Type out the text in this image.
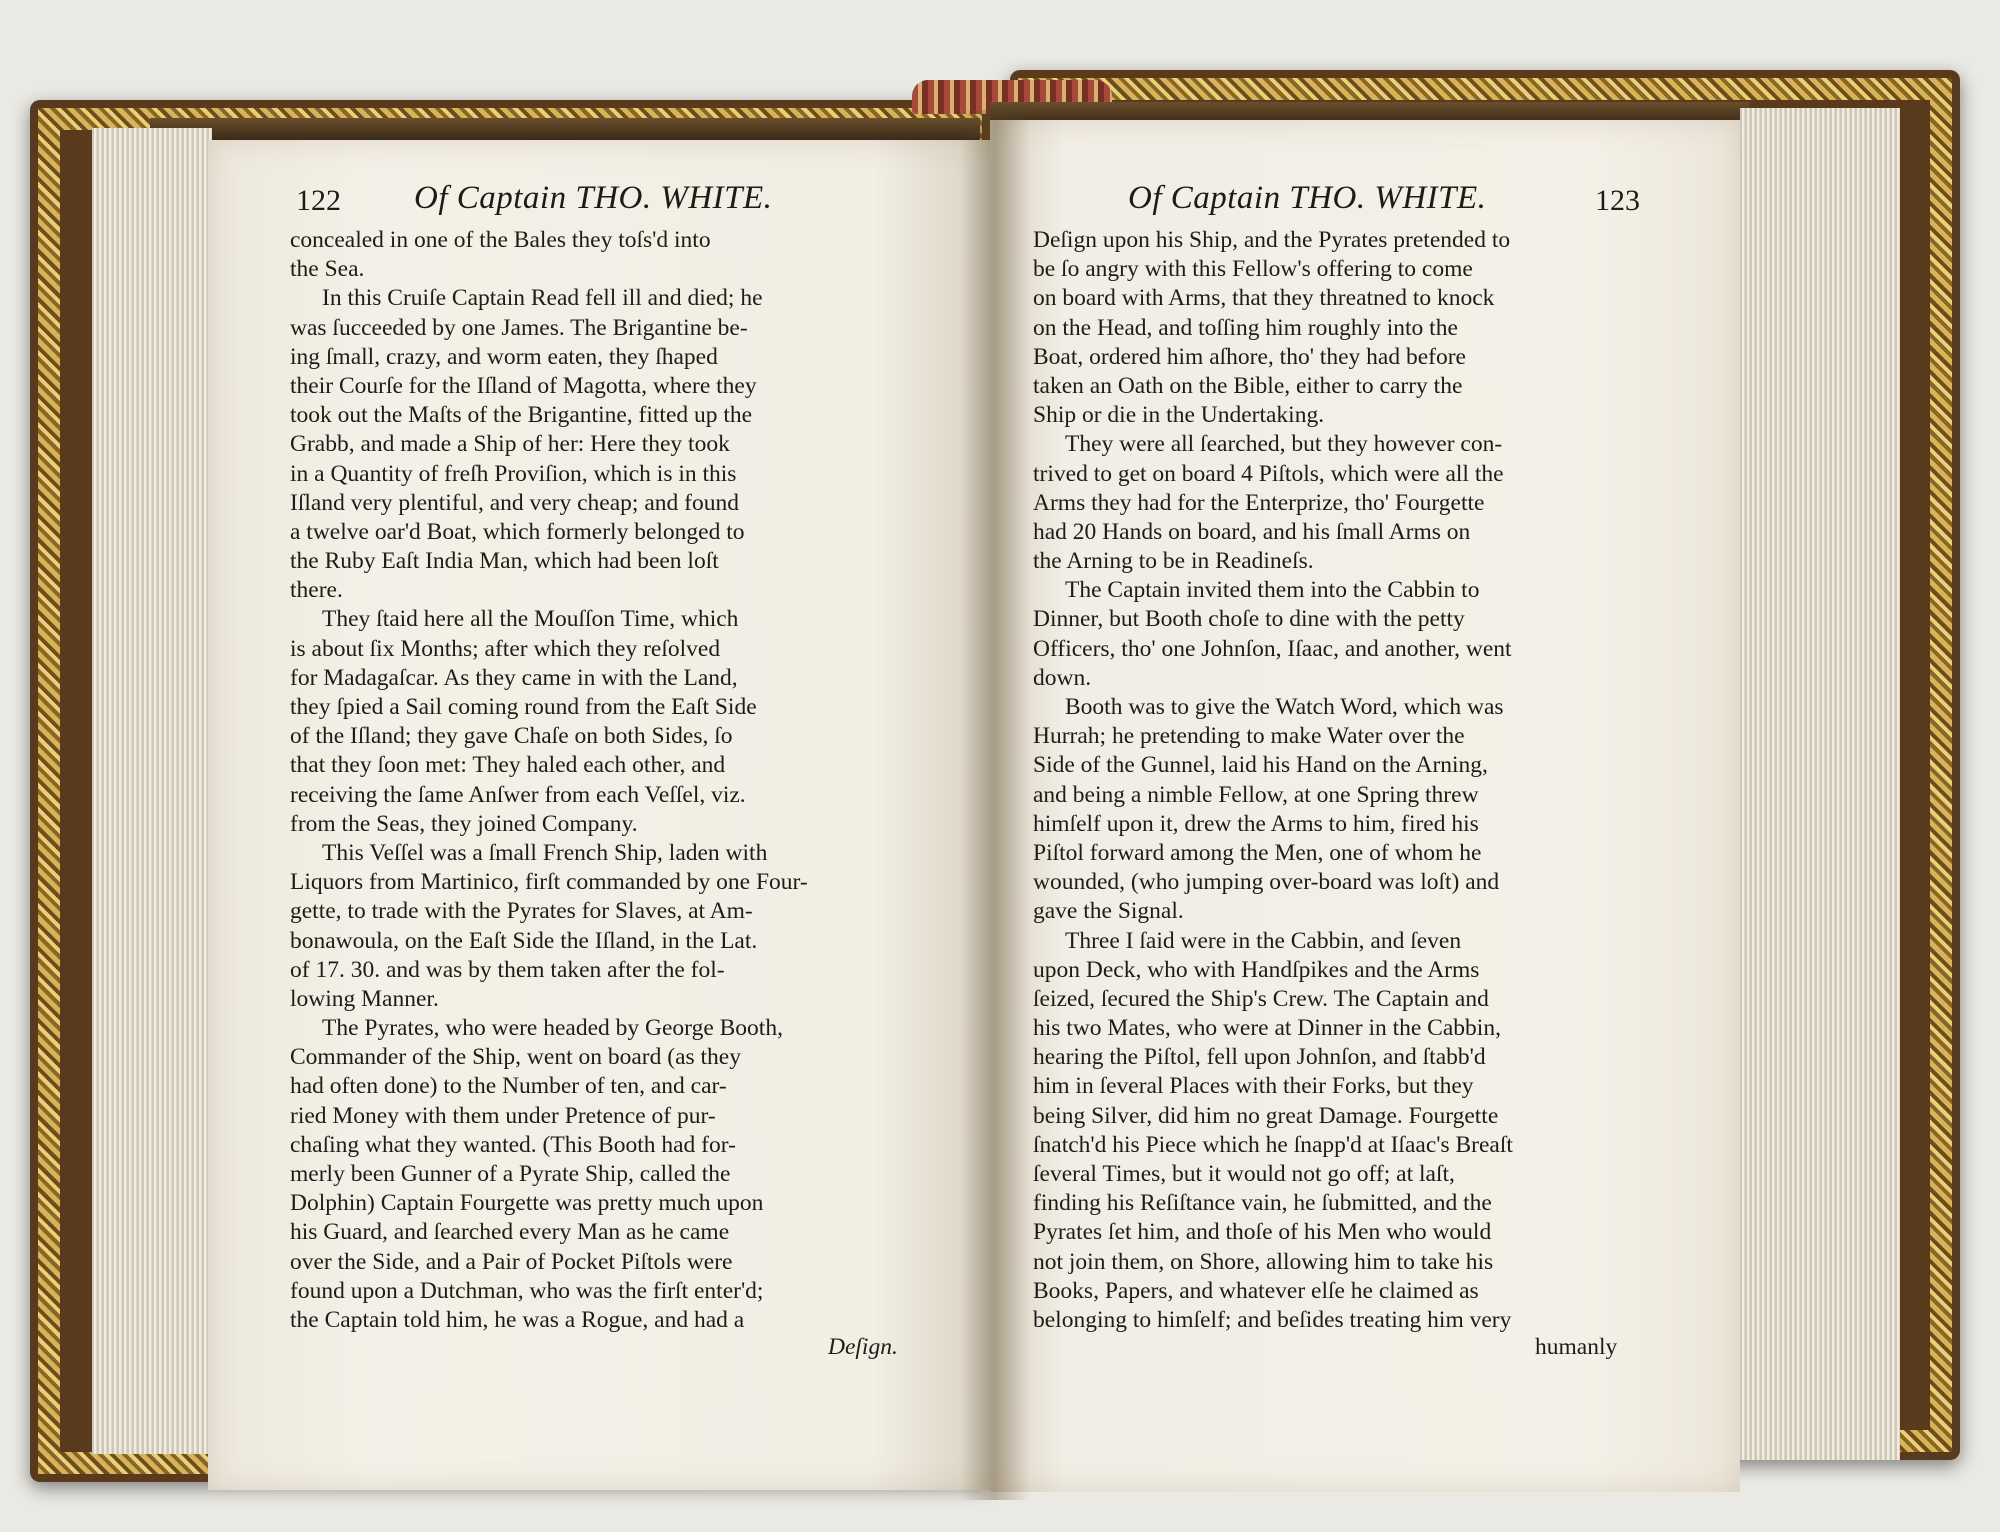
122 Of Captain THO. WHITE.	Of Captain THO. WHITE.	123
concealed in one of the Bales they toſs'd into
the Sea.
In this Cruiſe Captain Read fell ill and died; he
was ſucceeded by one James. The Brigantine be-
ing ſmall, crazy, and worm eaten, they ſhaped
their Courſe for the Iſland of Magotta, where they
took out the Maſts of the Brigantine, fitted up the
Grabb, and made a Ship of her: Here they took
in a Quantity of freſh Proviſion, which is in this
Iſland very plentiful, and very cheap; and found
a twelve oar'd Boat, which formerly belonged to
the Ruby Eaſt India Man, which had been loſt
there.
They ſtaid here all the Mouſſon Time, which
is about ſix Months; after which they reſolved
for Madagaſcar. As they came in with the Land,
they ſpied a Sail coming round from the Eaſt Side
of the Iſland; they gave Chaſe on both Sides, ſo
that they ſoon met: They haled each other, and
receiving the ſame Anſwer from each Veſſel, viz.
from the Seas, they joined Company.
This Veſſel was a ſmall French Ship, laden with
Liquors from Martinico, firſt commanded by one Four-
gette, to trade with the Pyrates for Slaves, at Am-
bonawoula, on the Eaſt Side the Iſland, in the Lat.
of 17. 30. and was by them taken after the fol-
lowing Manner.
The Pyrates, who were headed by George Booth,
Commander of the Ship, went on board (as they
had often done) to the Number of ten, and car-
ried Money with them under Pretence of pur-
chaſing what they wanted. (This Booth had for-
merly been Gunner of a Pyrate Ship, called the
Dolphin) Captain Fourgette was pretty much upon
his Guard, and ſearched every Man as he came
over the Side, and a Pair of Pocket Piſtols were
found upon a Dutchman, who was the firſt enter'd;
the Captain told him, he was a Rogue, and had a
Deſign upon his Ship, and the Pyrates pretended to
be ſo angry with this Fellow's offering to come
on board with Arms, that they threatned to knock
on the Head, and toſſing him roughly into the
Boat, ordered him aſhore, tho' they had before
taken an Oath on the Bible, either to carry the
Ship or die in the Undertaking.
They were all ſearched, but they however con-
trived to get on board 4 Piſtols, which were all the
Arms they had for the Enterprize, tho' Fourgette
had 20 Hands on board, and his ſmall Arms on
the Arning to be in Readineſs.
The Captain invited them into the Cabbin to
Dinner, but Booth choſe to dine with the petty
Officers, tho' one Johnſon, Iſaac, and another, went
down.
Booth was to give the Watch Word, which was
Hurrah; he pretending to make Water over the
Side of the Gunnel, laid his Hand on the Arning,
and being a nimble Fellow, at one Spring threw
himſelf upon it, drew the Arms to him, fired his
Piſtol forward among the Men, one of whom he
wounded, (who jumping over-board was loſt) and
gave the Signal.
Three I ſaid were in the Cabbin, and ſeven
upon Deck, who with Handſpikes and the Arms
ſeized, ſecured the Ship's Crew. The Captain and
his two Mates, who were at Dinner in the Cabbin,
hearing the Piſtol, fell upon Johnſon, and ſtabb'd
him in ſeveral Places with their Forks, but they
being Silver, did him no great Damage. Fourgette
ſnatch'd his Piece which he ſnapp'd at Iſaac's Breaſt
ſeveral Times, but it would not go off; at laſt,
finding his Reſiſtance vain, he ſubmitted, and the
Pyrates ſet him, and thoſe of his Men who would
not join them, on Shore, allowing him to take his
Books, Papers, and whatever elſe he claimed as
belonging to himſelf; and beſides treating him very
Deſign.	humanly
